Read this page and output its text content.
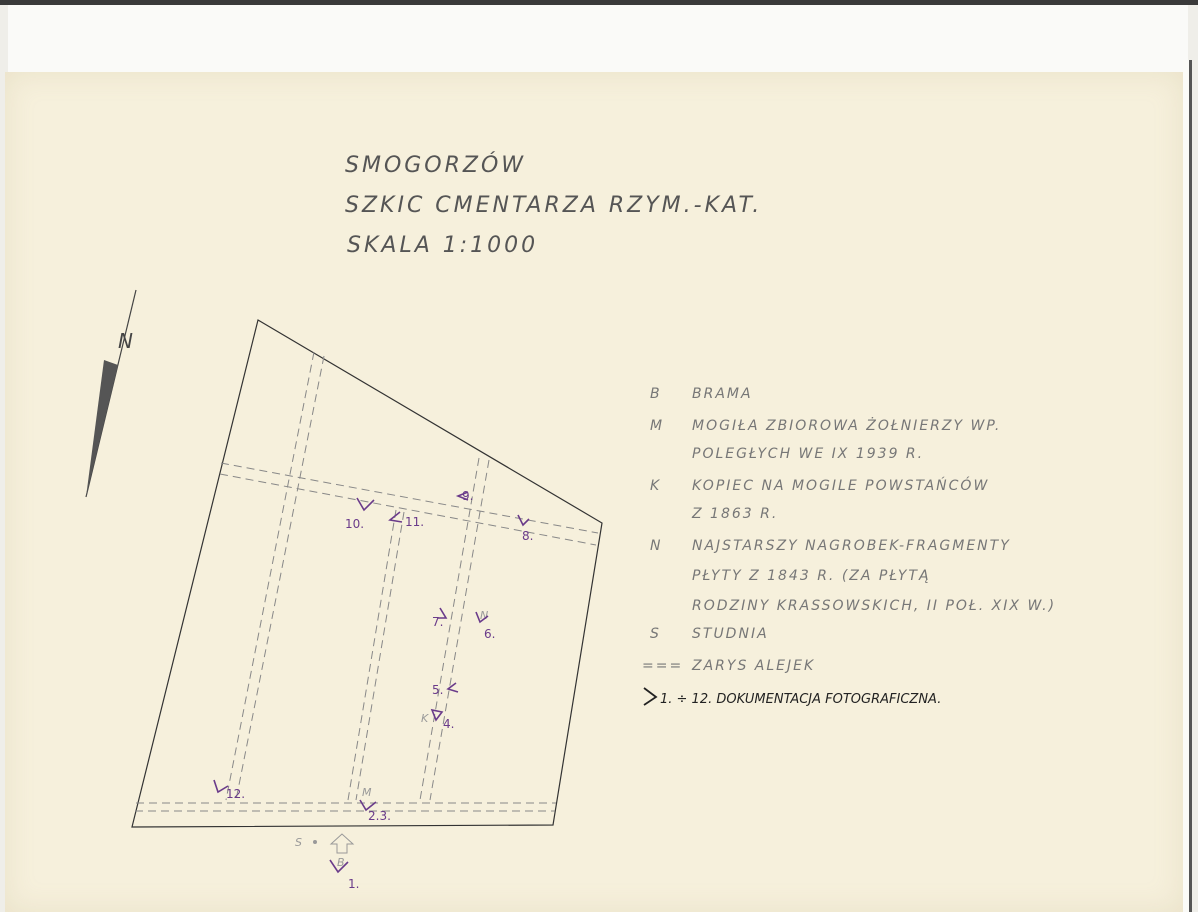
SMOGORZÓW
SZKIC CMENTARZA RZYM.-KAT.
SKALA 1:1000
N
S
B
M
K
N
1.
2.3.
4.
5.
6.
7.
8.
9.
10.	11.
12.
B BRAMA
M MOGIŁA ZBIOROWA ŻOŁNIERZY WP.
POLEGŁYCH WE IX 1939 R.
K KOPIEC NA MOGILE POWSTAŃCÓW
Z 1863 R.
N NAJSTARSZY NAGROBEK-FRAGMENTY
PŁYTY Z 1843 R. (ZA PŁYTĄ
RODZINY KRASSOWSKICH, II POŁ. XIX W.)
S STUDNIA
=== ZARYS ALEJEK
1. ÷ 12. DOKUMENTACJA FOTOGRAFICZNA.
